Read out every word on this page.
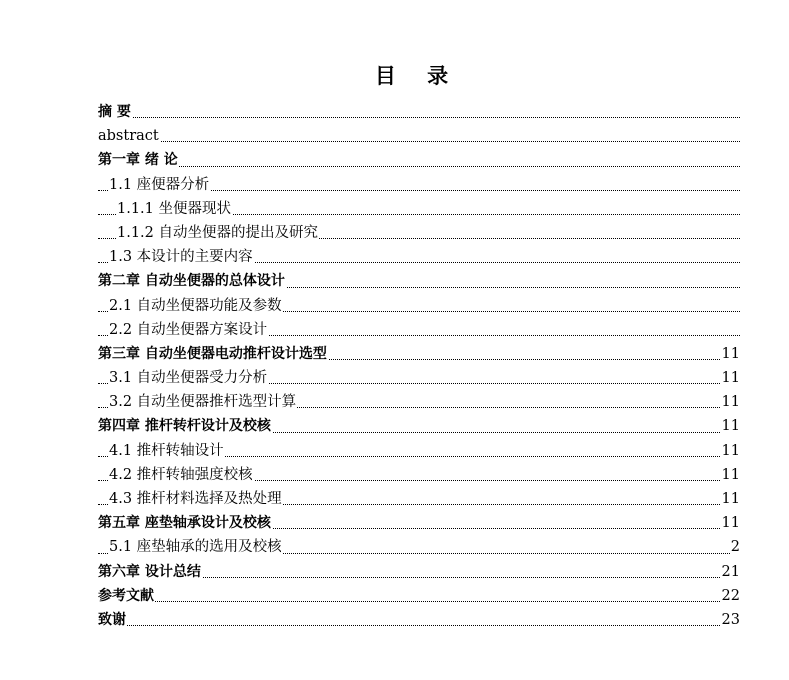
目 录
摘 要
abstract
第一章 绪 论
1.1 座便器分析
1.1.1 坐便器现状
1.1.2 自动坐便器的提出及研究
1.3 本设计的主要内容
第二章 自动坐便器的总体设计
2.1 自动坐便器功能及参数
2.2 自动坐便器方案设计
第三章 自动坐便器电动推杆设计选型	11
3.1 自动坐便器受力分析	11
3.2 自动坐便器推杆选型计算	11
第四章 推杆转杆设计及校核	11
4.1 推杆转轴设计	11
4.2 推杆转轴强度校核	11
4.3 推杆材料选择及热处理	11
第五章 座垫轴承设计及校核	11
5.1 座垫轴承的选用及校核	2
第六章 设计总结	21
参考文献	22
致谢	23
